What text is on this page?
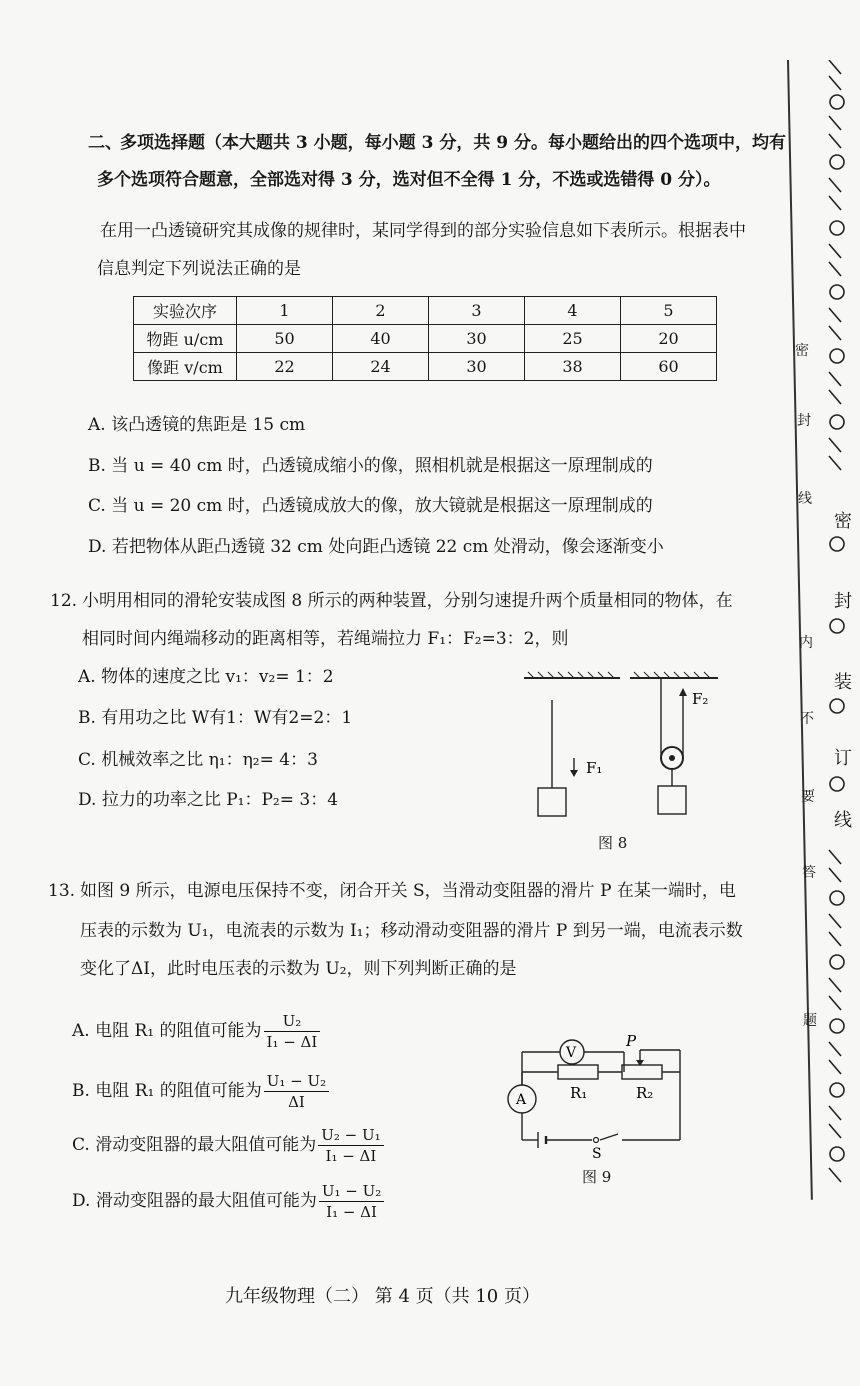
二、
多项选择题（本大题共 3 小题，每小题 3 分，共 9 分。每小题给出的四个选项中，均有
多个选项符合题意，全部选对得 3 分，选对但不全得 1 分，不选或选错得 0 分）。
在用一凸透镜研究其成像的规律时，某同学得到的部分实验信息如下表所示。根据表中
信息判定下列说法正确的是
实验次序	1	2	3	4	5
物距 u/cm	50	40	30	25	20
像距 v/cm	22	24	30	38	60
A. 该凸透镜的焦距是 15 cm
B. 当 u = 40 cm 时，凸透镜成缩小的像，照相机就是根据这一原理制成的
C. 当 u = 20 cm 时，凸透镜成放大的像，放大镜就是根据这一原理制成的
D. 若把物体从距凸透镜 32 cm 处向距凸透镜 22 cm 处滑动，像会逐渐变小
12. 小明用相同的滑轮安装成图 8 所示的两种装置，分别匀速提升两个质量相同的物体，在
相同时间内绳端移动的距离相等，若绳端拉力 F₁：F₂=3：2，则
A. 物体的速度之比 v₁：v₂= 1：2
B. 有用功之比 W有1：W有2=2：1
C. 机械效率之比 η₁：η₂= 4：3
D. 拉力的功率之比 P₁：P₂= 3：4
F₁
F₂
图 8
13. 如图 9 所示，电源电压保持不变，闭合开关 S，当滑动变阻器的滑片 P 在某一端时，电
压表的示数为 U₁，电流表的示数为 I₁；移动滑动变阻器的滑片 P 到另一端，电流表示数
变化了ΔI，此时电压表的示数为 U₂，则下列判断正确的是
A. 电阻 R₁ 的阻值可能为 $\frac{\text{U₂}}{\text{I₁ − ΔI}}$
B. 电阻 R₁ 的阻值可能为 $\frac{\text{U₁ − U₂}}{\Delta I}$
C. 滑动变阻器的最大阻值可能为 $\frac{\text{U₂ − U₁}}{\text{I₁ − ΔI}}$
D. 滑动变阻器的最大阻值可能为 $\frac{\text{U₁ − U₂}}{\text{I₁ − ΔI}}$
V
A
P
R₁	R₂
S
图 9
九年级物理（二） 第 4 页（共 10 页）
密
封
线
内
不
要
答
题
密
封
装
订
线
